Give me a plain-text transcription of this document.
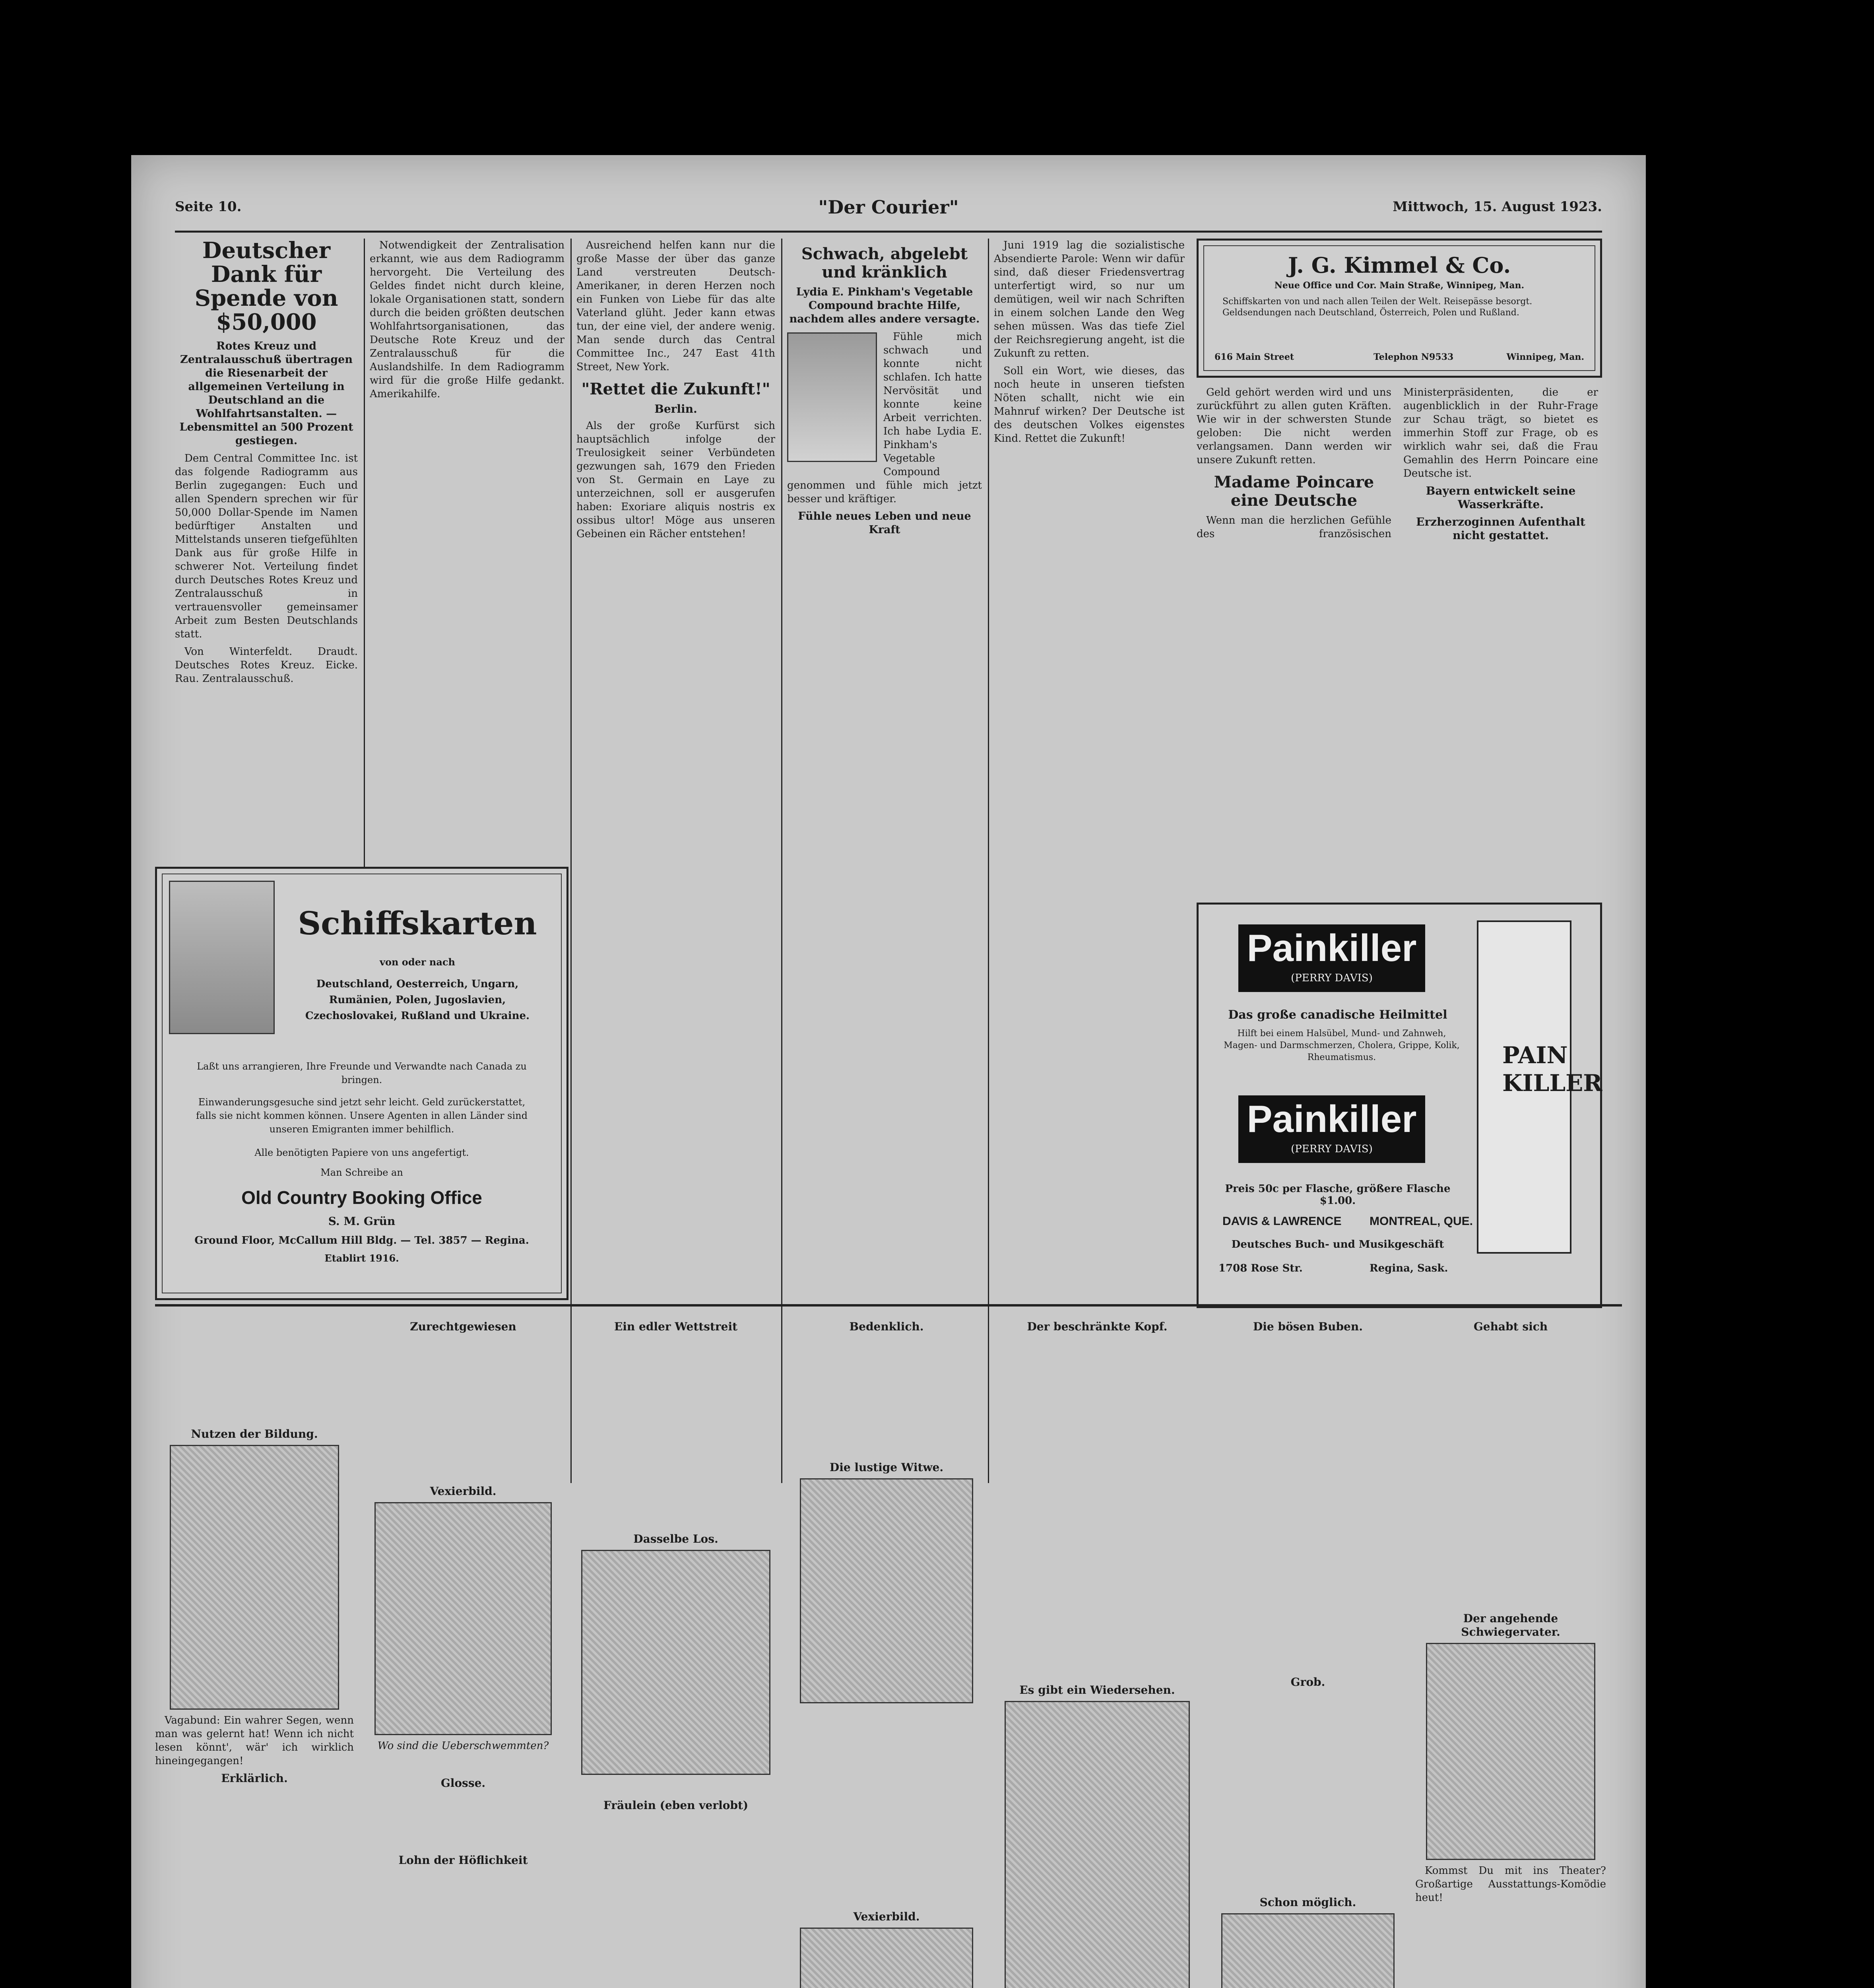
Seite 10.	"Der Courier"	Mittwoch, 15. August 1923.
Deutscher Dank für Spende von $50,000
Rotes Kreuz und Zentralausschuß übertragen die Riesenarbeit der allgemeinen Verteilung in Deutschland an die Wohlfahrtsanstalten. — Lebensmittel an 500 Prozent gestiegen.

Dem Central Committee Inc. ist das folgende Radiogramm aus Berlin zugegangen: Euch und allen Spendern sprechen wir für 50,000 Dollar-Spende im Namen bedürftiger Anstalten und Mittelstands unseren tiefgefühlten Dank aus für große Hilfe in schwerer Not. Verteilung findet durch Deutsches Rotes Kreuz und Zentralausschuß in vertrauensvoller gemeinsamer Arbeit zum Besten Deutschlands statt.

Von Winterfeldt. Draudt. Deutsches Rotes Kreuz. Eicke. Rau. Zentralausschuß.

Notwendigkeit der Zentralisation erkannt, wie aus dem Radiogramm hervorgeht. Die Verteilung des Geldes findet nicht durch kleine, lokale Organisationen statt, sondern durch die beiden größten deutschen Wohlfahrtsorganisationen, das Deutsche Rote Kreuz und der Zentralausschuß für die Auslandshilfe. In dem Radiogramm wird für die große Hilfe gedankt. Amerikahilfe.

Ausreichend helfen kann nur die große Masse der über das ganze Land verstreuten Deutsch-Amerikaner, in deren Herzen noch ein Funken von Liebe für das alte Vaterland glüht. Jeder kann etwas tun, der eine viel, der andere wenig. Man sende durch das Central Committee Inc., 247 East 41th Street, New York.

"Rettet die Zukunft!"
Berlin.

Als der große Kurfürst sich hauptsächlich infolge der Treulosigkeit seiner Verbündeten gezwungen sah, 1679 den Frieden von St. Germain en Laye zu unterzeichnen, soll er ausgerufen haben: Exoriare aliquis nostris ex ossibus ultor! Möge aus unseren Gebeinen ein Rächer entstehen!

Schwach, abgelebt und kränklich
Lydia E. Pinkham's Vegetable Compound brachte Hilfe, nachdem alles andere versagte.

Fühle mich schwach und konnte nicht schlafen. Ich hatte Nervösität und konnte keine Arbeit verrichten. Ich habe Lydia E. Pinkham's Vegetable Compound genommen und fühle mich jetzt besser und kräftiger.

Fühle neues Leben und neue Kraft

Juni 1919 lag die sozialistische Absendierte Parole: Wenn wir dafür sind, daß dieser Friedensvertrag unterfertigt wird, so nur um demütigen, weil wir nach Schriften in einem solchen Lande den Weg sehen müssen. Was das tiefe Ziel der Reichsregierung angeht, ist die Zukunft zu retten.

Soll ein Wort, wie dieses, das noch heute in unseren tiefsten Nöten schallt, nicht wie ein Mahnruf wirken? Der Deutsche ist des deutschen Volkes eigenstes Kind. Rettet die Zukunft!

J. G. Kimmel & Co.
Neue Office und Cor. Main Straße, Winnipeg, Man.
Schiffskarten von und nach allen Teilen der Welt. Reisepässe besorgt. Geldsendungen nach Deutschland, Österreich, Polen und Rußland.
616 Main Street	Telephon N9533	Winnipeg, Man.

Geld gehört werden wird und uns zurückführt zu allen guten Kräften. Wie wir in der schwersten Stunde geloben: Die nicht werden verlangsamen. Dann werden wir unsere Zukunft retten.

Madame Poincare eine Deutsche

Wenn man die herzlichen Gefühle des französischen Ministerpräsidenten, die er augenblicklich in der Ruhr-Frage zur Schau trägt, so bietet es immerhin Stoff zur Frage, ob es wirklich wahr sei, daß die Frau Gemahlin des Herrn Poincare eine Deutsche ist.

Bayern entwickelt seine Wasserkräfte.
Erzherzoginnen Aufenthalt nicht gestattet.
Schiffskarten
von oder nach
Deutschland, Oesterreich, Ungarn, Rumänien, Polen, Jugoslavien, Czechoslovakei, Rußland und Ukraine.
Laßt uns arrangieren, Ihre Freunde und Verwandte nach Canada zu bringen.
Einwanderungsgesuche sind jetzt sehr leicht. Geld zurückerstattet, falls sie nicht kommen können. Unsere Agenten in allen Länder sind unseren Emigranten immer behilflich.
Alle benötigten Papiere von uns angefertigt.
Man Schreibe an
Old Country Booking Office
S. M. Grün
Ground Floor, McCallum Hill Bldg. — Tel. 3857 — Regina.
Etablirt 1916.
Painkiller
(PERRY DAVIS)
PAIN KILLER
Das große canadische Heilmittel
Hilft bei einem Halsübel, Mund- und Zahnweh, Magen- und Darmschmerzen, Cholera, Grippe, Kolik, Rheumatismus.
Painkiller
(PERRY DAVIS)
Preis 50c per Flasche, größere Flasche $1.00.
DAVIS & LAWRENCE MONTREAL, QUE.
Deutsches Buch- und Musikgeschäft
1708 Rose Str.	Regina, Sask.
Nutzen der Bildung.

Vagabund: Ein wahrer Segen, wenn man was gelernt hat! Wenn ich nicht lesen könnt', wär' ich wirklich hineingegangen!

Erklärlich.
Zurechtgewiesen
Vexierbild.
Wo sind die Ueberschwemmten?
Glosse.
Lohn der Höflichkeit
Ein edler Wettstreit
Dasselbe Los.
Fräulein (eben verlobt)
Bedenklich.
Die lustige Witwe.
Vexierbild.
Der beschränkte Kopf.
Es gibt ein Wiedersehen.
Die bösen Buben.
Grob.
Schon möglich.
Gehabt sich
Der angehende Schwiegervater.

Kommst Du mit ins Theater? Großartige Ausstattungs-Komödie heut!
